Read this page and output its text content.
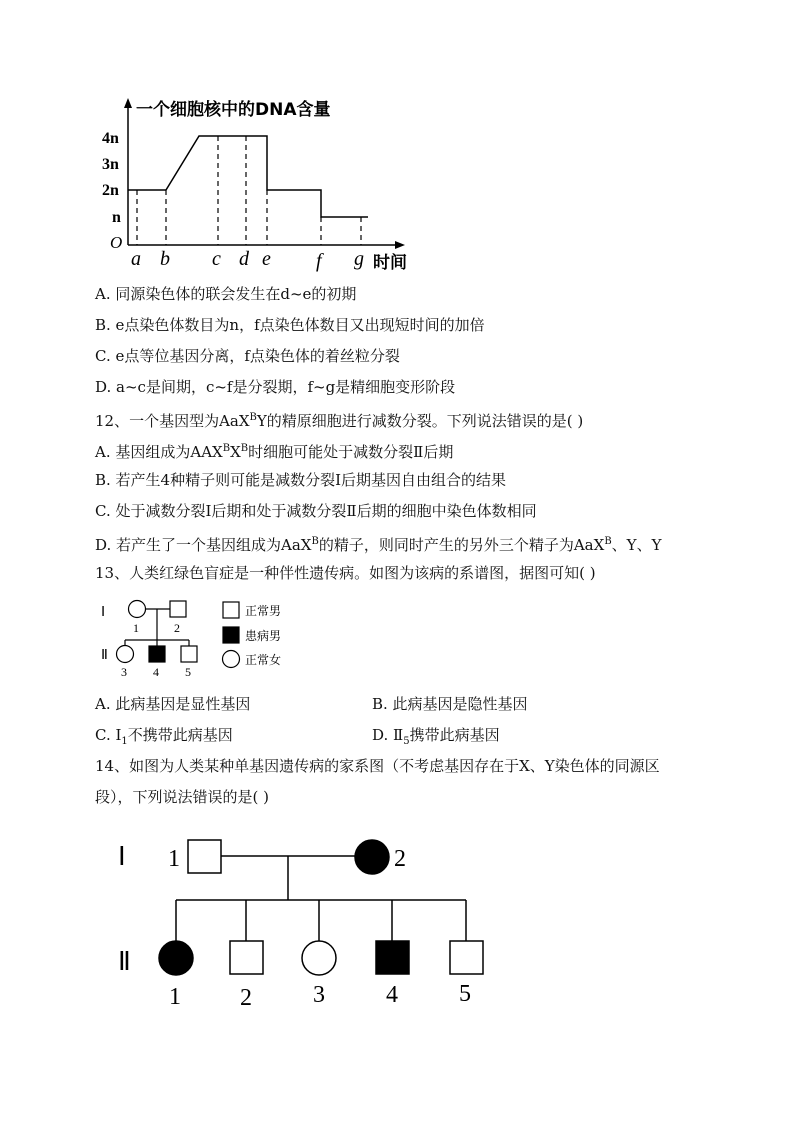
一个细胞核中的DNA含量
4n
3n
2n
n
O
a b c d e f g 时间
A. 同源染色体的联会发生在d~e的初期
B. e点染色体数目为n，f点染色体数目又出现短时间的加倍
C. e点等位基因分离，f点染色体的着丝粒分裂
D. a~c是间期，c~f是分裂期，f~g是精细胞变形阶段
12、一个基因型为AaX$^B$Y的精原细胞进行减数分裂。下列说法错误的是( )
A. 基因组成为$AAX^BX^B$时细胞可能处于减数分裂Ⅱ后期
B. 若产生4种精子则可能是减数分裂I后期基因自由组合的结果
C. 处于减数分裂I后期和处于减数分裂Ⅱ后期的细胞中染色体数相同
D. 若产生了一个基因组成为AaX$^B$的精子，则同时产生的另外三个精子为AaX$^B$、Y、Y
13、人类红绿色盲症是一种伴性遗传病。如图为该病的系谱图，据图可知( )
Ⅰ
Ⅱ
1	2
3 4 5
正常男
患病男
正常女
A. 此病基因是显性基因	B. 此病基因是隐性基因
C. $Ⅰ_1$不携带此病基因	D. $Ⅱ_5$携带此病基因
14、如图为人类某种单基因遗传病的家系图（不考虑基因存在于X、Y染色体的同源区
段），下列说法错误的是( )
Ⅰ
Ⅱ
1	2
1 2	3	4	5
